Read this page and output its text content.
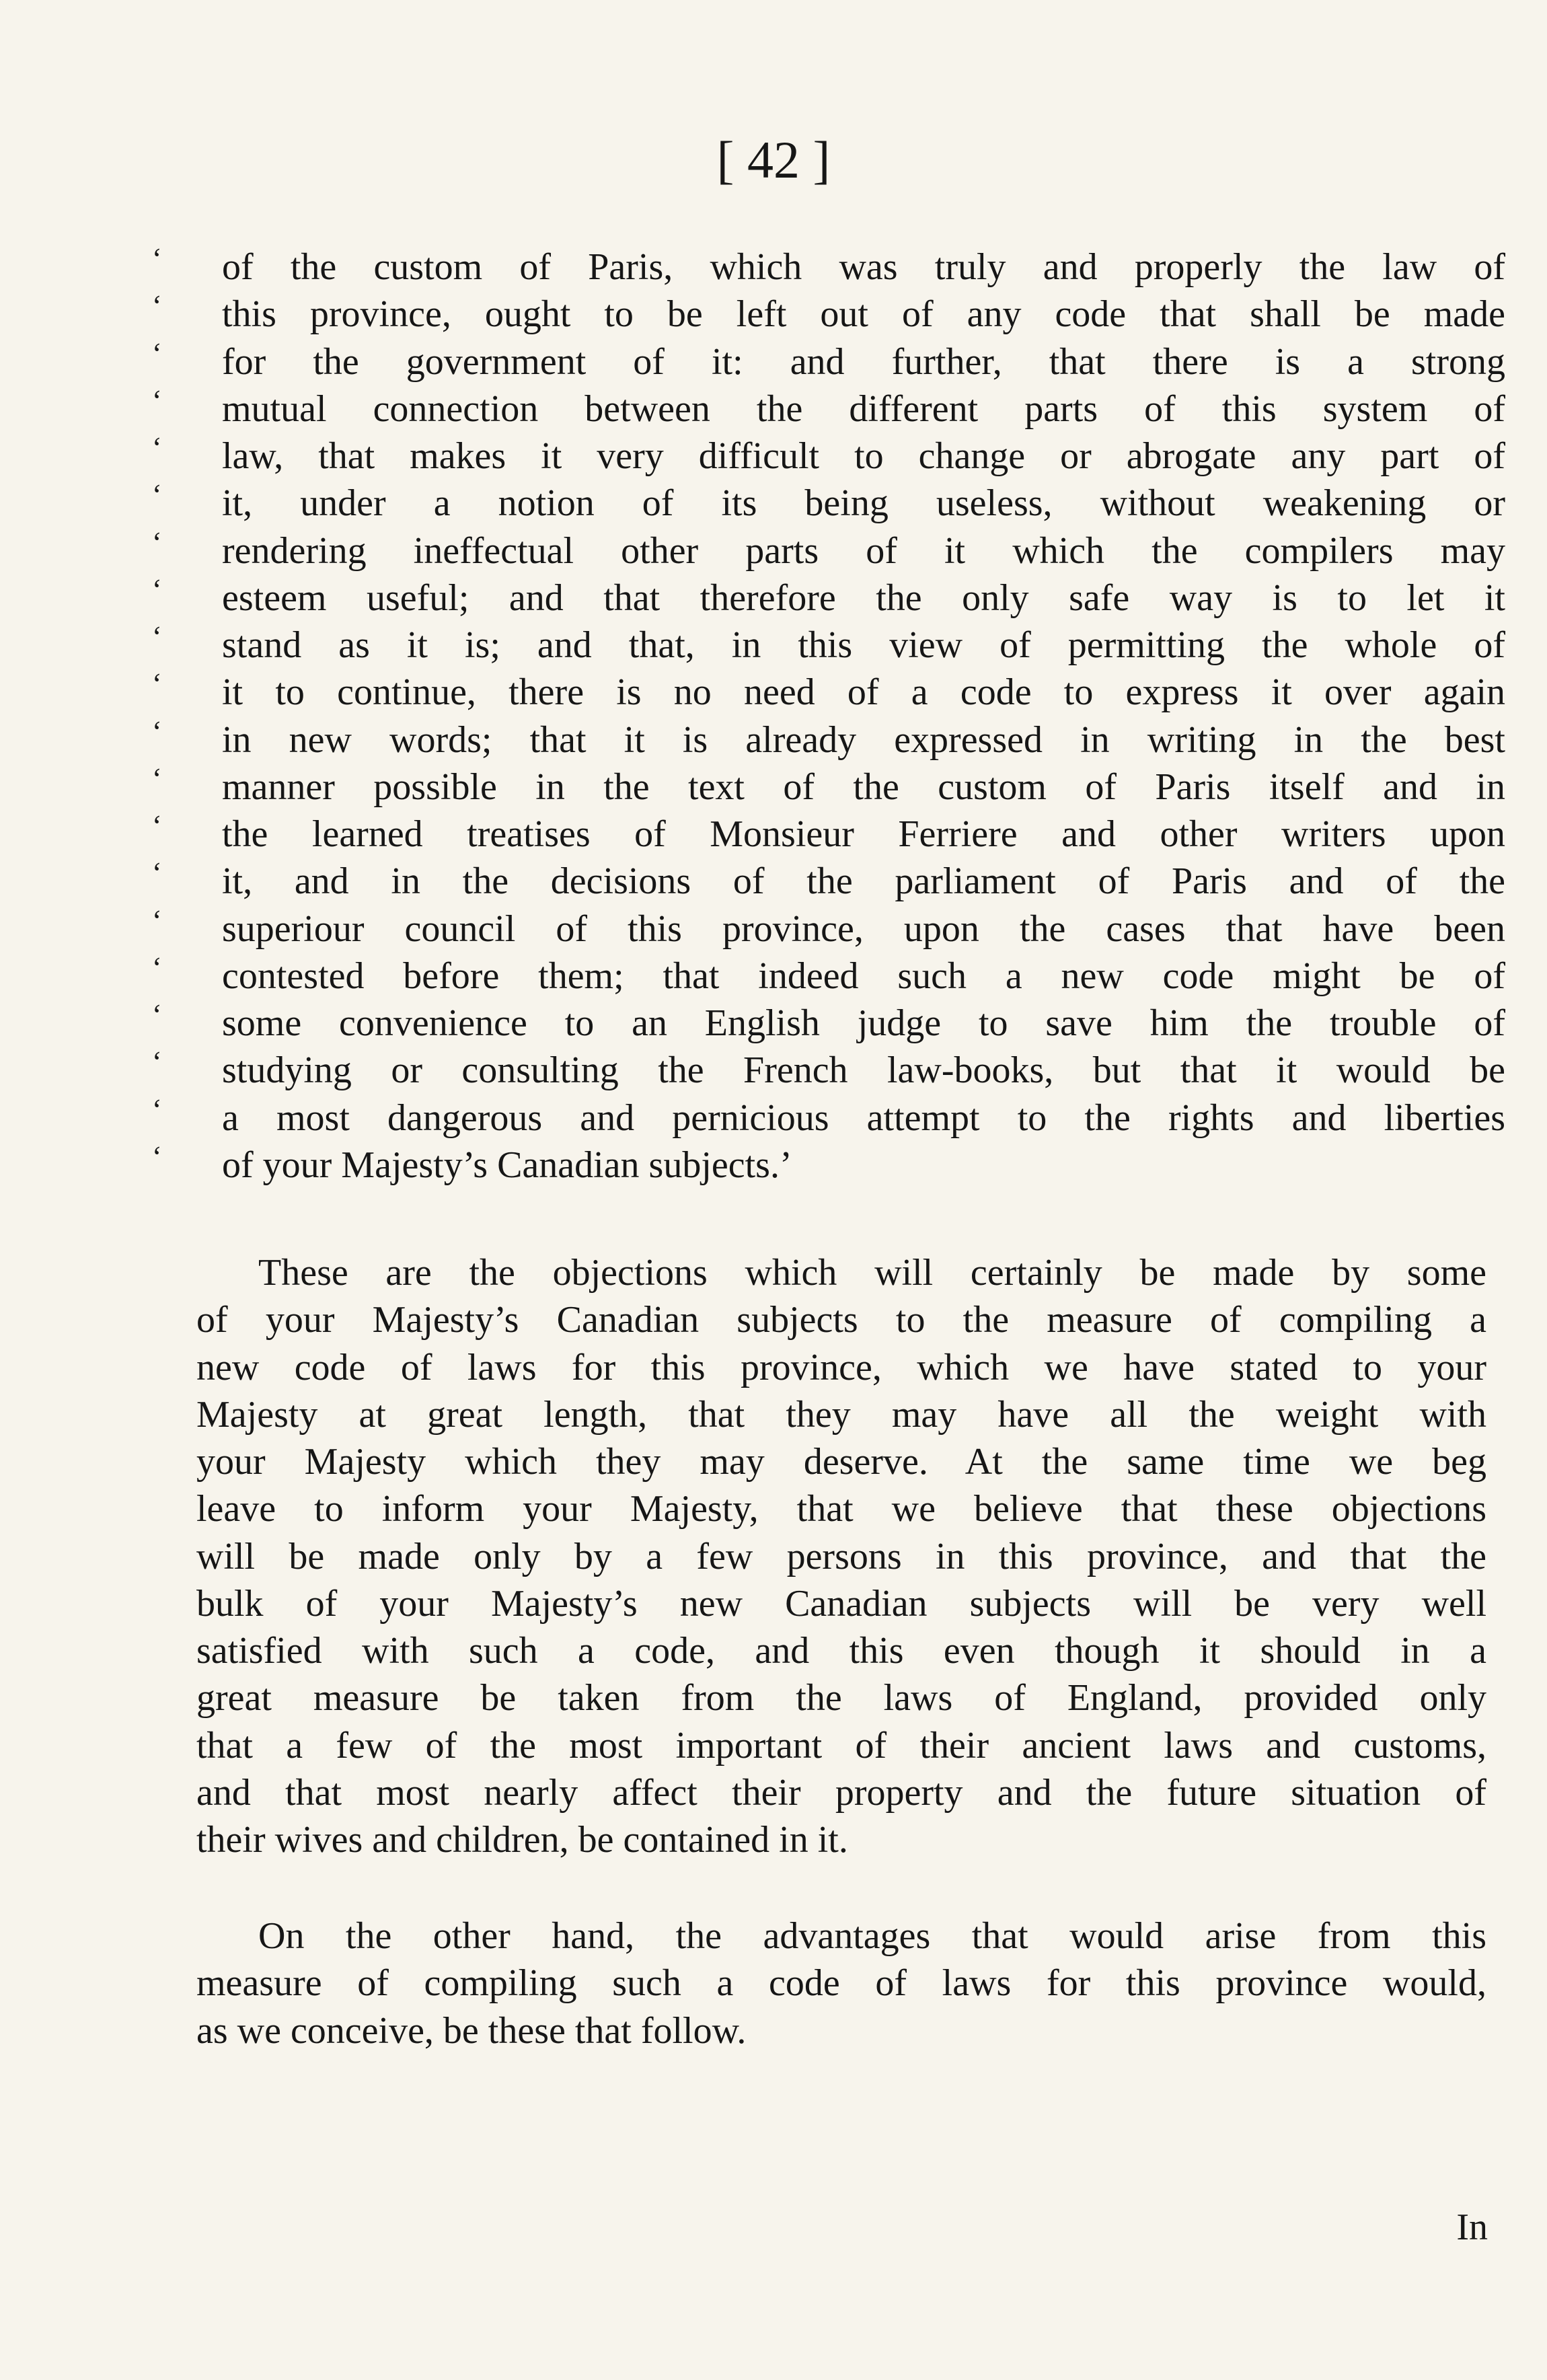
[ 42 ]
‘	of the custom of Paris, which was truly and properly the law of
‘	this province, ought to be left out of any code that shall be made
‘	for the government of it: and further, that there is a strong
‘	mutual connection between the different parts of this system of
‘	law, that makes it very difficult to change or abrogate any part of
‘	it, under a notion of its being useless, without weakening or
‘	rendering ineffectual other parts of it which the compilers may
‘	esteem useful; and that therefore the only safe way is to let it
‘	stand as it is; and that, in this view of permitting the whole of
‘	it to continue, there is no need of a code to express it over again
‘	in new words; that it is already expressed in writing in the best
‘	manner possible in the text of the custom of Paris itself and in
‘	the learned treatises of Monsieur Ferriere and other writers upon
‘	it, and in the decisions of the parliament of Paris and of the
‘	superiour council of this province, upon the cases that have been
‘	contested before them; that indeed such a new code might be of
‘	some convenience to an English judge to save him the trouble of
‘	studying or consulting the French law-books, but that it would be
‘	a most dangerous and pernicious attempt to the rights and liberties
‘	of your Majesty’s Canadian subjects.’
These are the objections which will certainly be made by some
of your Majesty’s Canadian subjects to the measure of compiling a
new code of laws for this province, which we have stated to your
Majesty at great length, that they may have all the weight with
your Majesty which they may deserve. At the same time we beg
leave to inform your Majesty, that we believe that these objections
will be made only by a few persons in this province, and that the
bulk of your Majesty’s new Canadian subjects will be very well
satisfied with such a code, and this even though it should in a
great measure be taken from the laws of England, provided only
that a few of the most important of their ancient laws and customs,
and that most nearly affect their property and the future situation of
their wives and children, be contained in it.
On the other hand, the advantages that would arise from this
measure of compiling such a code of laws for this province would,
as we conceive, be these that follow.
In
